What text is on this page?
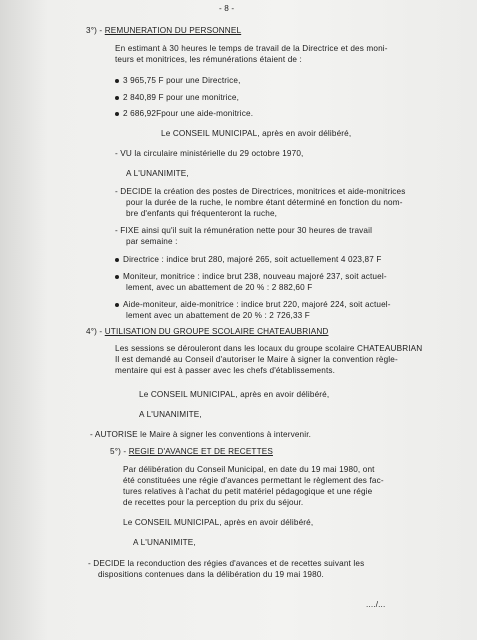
- 8 -
3°) - REMUNERATION DU PERSONNEL
En estimant à 30 heures le temps de travail de la Directrice et des moni-
teurs et monitrices, les rémunérations étaient de :
3 965,75 F pour une Directrice,
2 840,89 F pour une monitrice,
2 686,92Fpour une aide-monitrice.
Le CONSEIL MUNICIPAL, après en avoir délibéré,
- VU la circulaire ministérielle du 29 octobre 1970,
A L'UNANIMITE,
- DECIDE la création des postes de Directrices, monitrices et aide-monitrices
pour la durée de la ruche, le nombre étant déterminé en fonction du nom-
bre d'enfants qui fréquenteront la ruche,
- FIXE ainsi qu'il suit la rémunération nette pour 30 heures de travail
par semaine :
Directrice : indice brut 280, majoré 265, soit actuellement 4 023,87 F
Moniteur, monitrice : indice brut 238, nouveau majoré 237, soit actuel-
lement, avec un abattement de 20 % : 2 882,60 F
Aide-moniteur, aide-monitrice : indice brut 220, majoré 224, soit actuel-
lement avec un abattement de 20 % : 2 726,33 F
4°) - UTILISATION DU GROUPE SCOLAIRE CHATEAUBRIAND
Les sessions se dérouleront dans les locaux du groupe scolaire CHATEAUBRIAN
Il est demandé au Conseil d'autoriser le Maire à signer la convention règle-
mentaire qui est à passer avec les chefs d'établissements.
Le CONSEIL MUNICIPAL, après en avoir délibéré,
A L'UNANIMITE,
- AUTORISE le Maire à signer les conventions à intervenir.
5°) - REGIE D'AVANCE ET DE RECETTES
Par délibération du Conseil Municipal, en date du 19 mai 1980, ont
été constituées une régie d'avances permettant le règlement des fac-
tures relatives à l'achat du petit matériel pédagogique et une régie
de recettes pour la perception du prix du séjour.
Le CONSEIL MUNICIPAL, après en avoir délibéré,
A L'UNANIMITE,
- DECIDE la reconduction des régies d'avances et de recettes suivant les
dispositions contenues dans la délibération du 19 mai 1980.
..../...
